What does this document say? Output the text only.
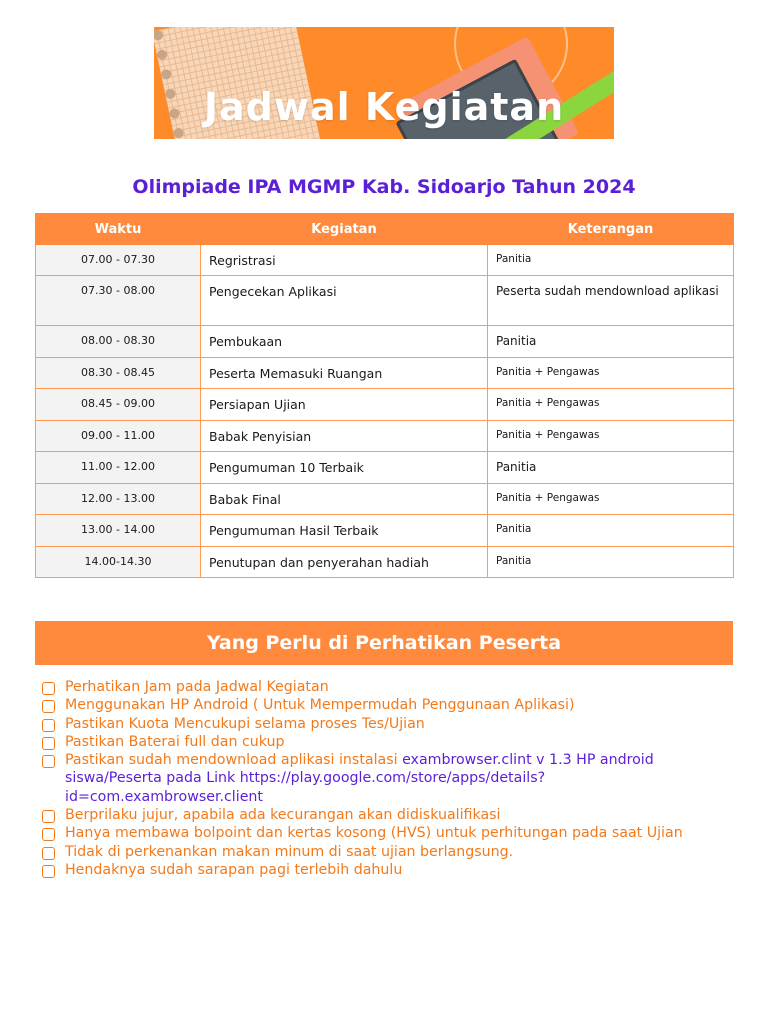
Jadwal Kegiatan
Olimpiade IPA MGMP Kab. Sidoarjo Tahun 2024
Waktu	Kegiatan	Keterangan
07.00 - 07.30	Regristrasi	Panitia
07.30 - 08.00	Pengecekan Aplikasi	Peserta sudah mendownload aplikasi
08.00 - 08.30	Pembukaan	Panitia
08.30 - 08.45	Peserta Memasuki Ruangan	Panitia + Pengawas
08.45 - 09.00	Persiapan Ujian	Panitia + Pengawas
09.00 - 11.00	Babak Penyisian	Panitia + Pengawas
11.00 - 12.00	Pengumuman 10 Terbaik	Panitia
12.00 - 13.00	Babak Final	Panitia + Pengawas
13.00 - 14.00	Pengumuman Hasil Terbaik	Panitia
14.00-14.30	Penutupan dan penyerahan hadiah	Panitia
Yang Perlu di Perhatikan Peserta
Perhatikan Jam pada Jadwal Kegiatan
Menggunakan HP Android ( Untuk Mempermudah Penggunaan Aplikasi)
Pastikan Kuota Mencukupi selama proses Tes/Ujian
Pastikan Baterai full dan cukup
Pastikan sudah mendownload aplikasi instalasi exambrowser.clint v 1.3 HP android siswa/Peserta pada Link https://play.google.com/store/apps/details?id=com.exambrowser.client
Berprilaku jujur, apabila ada kecurangan akan didiskualifikasi
Hanya membawa bolpoint dan kertas kosong (HVS) untuk perhitungan pada saat Ujian
Tidak di perkenankan makan minum di saat ujian berlangsung.
Hendaknya sudah sarapan pagi terlebih dahulu
